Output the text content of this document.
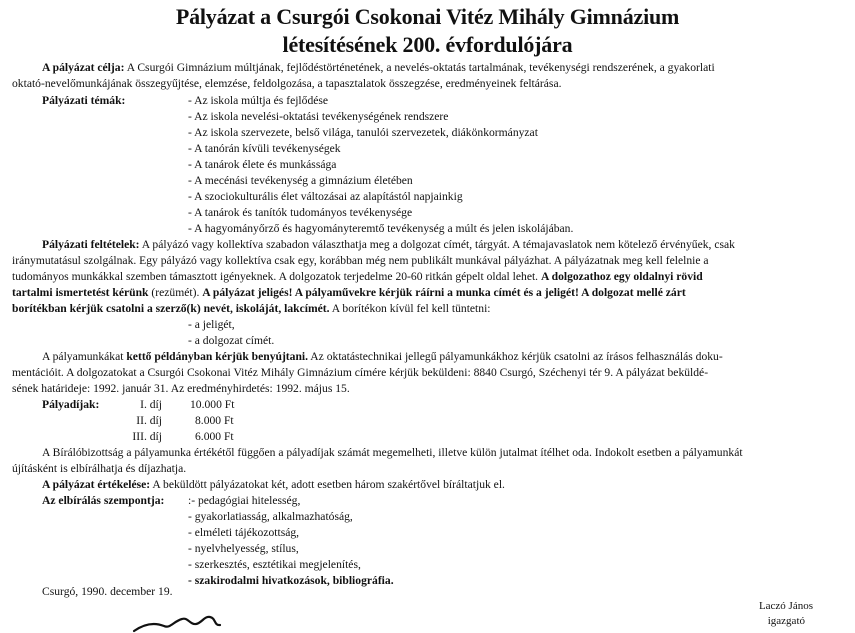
Pályázat a Csurgói Csokonai Vitéz Mihály Gimnázium
létesítésének 200. évfordulójára
A pályázat célja: A Csurgói Gimnázium múltjának, fejlődéstörténetének, a nevelés-oktatás tartalmának, tevékenységi rendszerének, a gyakorlati
oktató-nevelőmunkájának összegyűjtése, elemzése, feldolgozása, a tapasztalatok összegzése, eredményeinek feltárása.
Pályázati témák:	- Az iskola múltja és fejlődése
- Az iskola nevelési-oktatási tevékenységének rendszere
- Az iskola szervezete, belső világa, tanulói szervezetek, diákönkormányzat
- A tanórán kívüli tevékenységek
- A tanárok élete és munkássága
- A mecénási tevékenység a gimnázium életében
- A szociokulturális élet változásai az alapítástól napjainkig
- A tanárok és tanítók tudományos tevékenysége
- A hagyományőrző és hagyományteremtő tevékenység a múlt és jelen iskolájában.
Pályázati feltételek: A pályázó vagy kollektíva szabadon választhatja meg a dolgozat címét, tárgyát. A témajavaslatok nem kötelező érvényűek, csak
iránymutatásul szolgálnak. Egy pályázó vagy kollektíva csak egy, korábban még nem publikált munkával pályázhat. A pályázatnak meg kell felelnie a
tudományos munkákkal szemben támasztott igényeknek. A dolgozatok terjedelme 20-60 ritkán gépelt oldal lehet. A dolgozathoz egy oldalnyi rövid
tartalmi ismertetést kérünk (rezümét). A pályázat jeligés! A pályaművekre kérjük ráírni a munka címét és a jeligét! A dolgozat mellé zárt
borítékban kérjük csatolni a szerző(k) nevét, iskoláját, lakcímét. A borítékon kívül fel kell tüntetni:
- a jeligét,
- a dolgozat címét.
A pályamunkákat kettő példányban kérjük benyújtani. Az oktatástechnikai jellegű pályamunkákhoz kérjük csatolni az írásos felhasználás doku-
mentációit. A dolgozatokat a Csurgói Csokonai Vitéz Mihály Gimnázium címére kérjük beküldeni: 8840 Csurgó, Széchenyi tér 9. A pályázat beküldé-
sének határideje: 1992. január 31. Az eredményhirdetés: 1992. május 15.
Pályadíjak:	I. díj 10.000 Ft
II. díj	8.000 Ft
III. díj	6.000 Ft
A Bírálóbizottság a pályamunka értékétől függően a pályadíjak számát megemelheti, illetve külön jutalmat ítélhet oda. Indokolt esetben a pályamunkát
újításként is elbírálhatja és díjazhatja.
A pályázat értékelése: A beküldött pályázatokat két, adott esetben három szakértővel bíráltatjuk el.
Az elbírálás szempontja:	:- pedagógiai hitelesség,
- gyakorlatiasság, alkalmazhatóság,
- elméleti tájékozottság,
- nyelvhelyesség, stílus,
- szerkesztés, esztétikai megjelenítés,
- szakirodalmi hivatkozások, bibliográfia.
Csurgó, 1990. december 19.
Laczó János
igazgató
